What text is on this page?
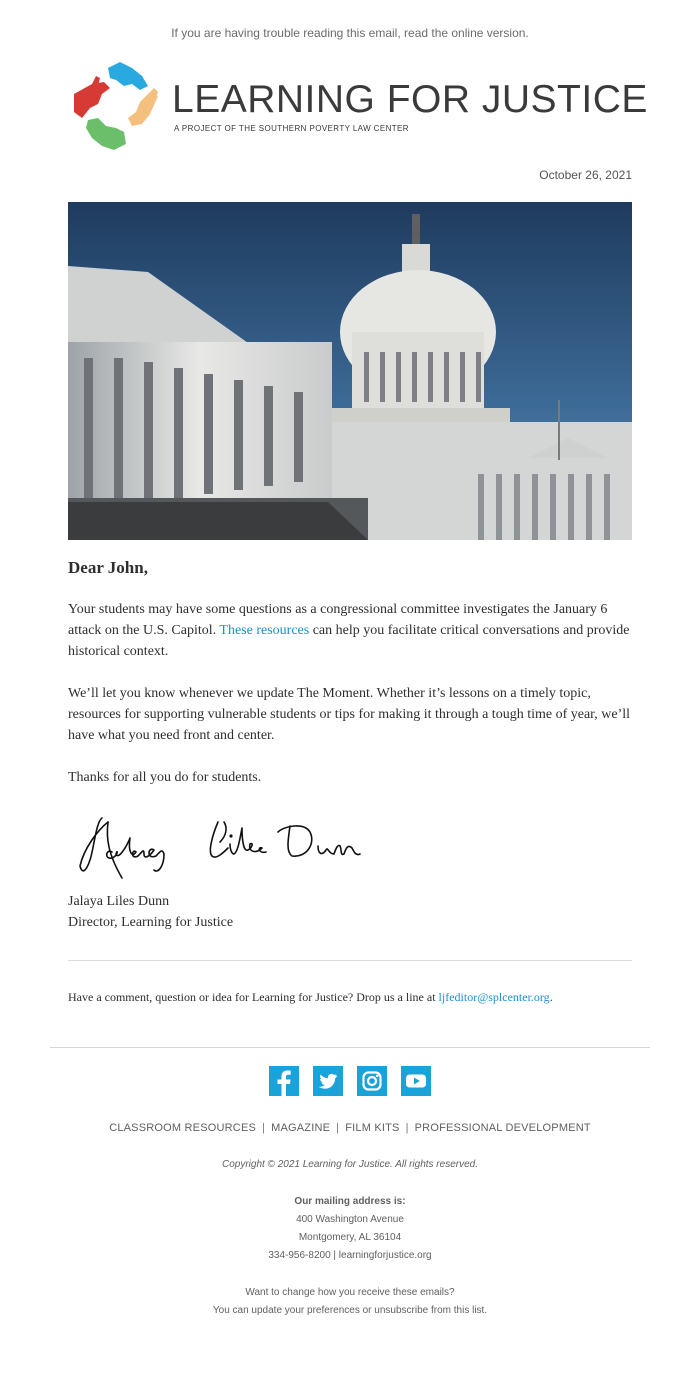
If you are having trouble reading this email, read the online version.
LEARNING FOR JUSTICE
A PROJECT OF THE SOUTHERN POVERTY LAW CENTER
October 26, 2021
Dear John,

Your students may have some questions as a congressional committee investigates the January 6 attack on the U.S. Capitol. These resources can help you facilitate critical conversations and provide historical context.

We’ll let you know whenever we update The Moment. Whether it’s lessons on a timely topic, resources for supporting vulnerable students or tips for making it through a tough time of year, we’ll have what you need front and center.

Thanks for all you do for students.

Jalaya Liles Dunn
Director, Learning for Justice
Have a comment, question or idea for Learning for Justice? Drop us a line at ljfeditor@splcenter.org.

CLASSROOM RESOURCES | MAGAZINE | FILM KITS | PROFESSIONAL DEVELOPMENT
Copyright © 2021 Learning for Justice. All rights reserved.
Our mailing address is:
400 Washington Avenue
Montgomery, AL 36104
334-956-8200 | learningforjustice.org
Want to change how you receive these emails?
You can update your preferences or unsubscribe from this list.
